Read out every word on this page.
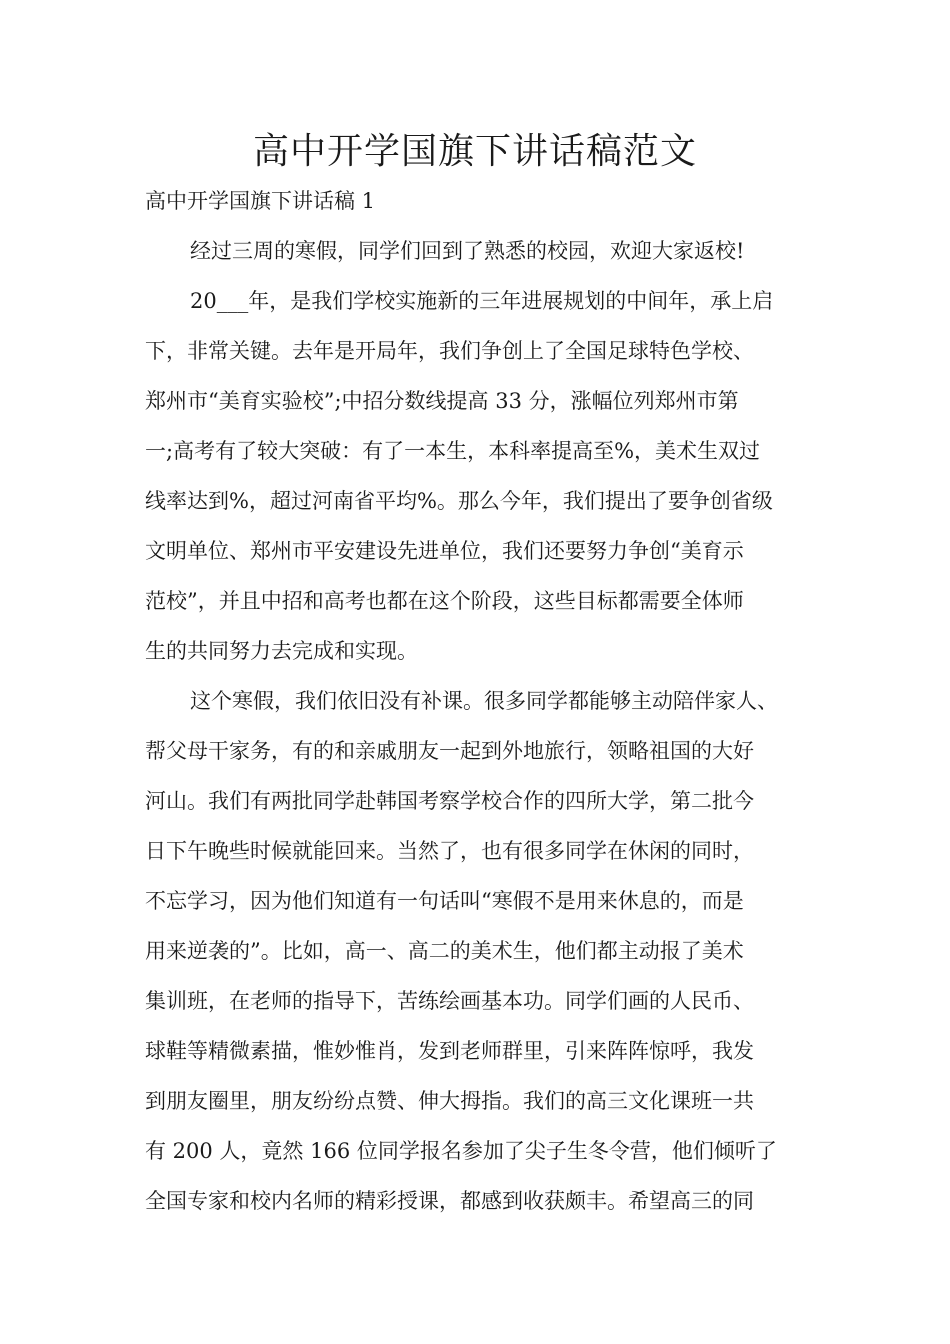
高中开学国旗下讲话稿范文

高中开学国旗下讲话稿 1

经过三周的寒假，同学们回到了熟悉的校园，欢迎大家返校!

20___年，是我们学校实施新的三年进展规划的中间年，承上启

下，非常关键。去年是开局年，我们争创上了全国足球特色学校、

郑州市“美育实验校”;中招分数线提高 33 分，涨幅位列郑州市第

一;高考有了较大突破：有了一本生，本科率提高至%，美术生双过

线率达到%，超过河南省平均%。那么今年，我们提出了要争创省级

文明单位、郑州市平安建设先进单位，我们还要努力争创“美育示

范校”，并且中招和高考也都在这个阶段，这些目标都需要全体师

生的共同努力去完成和实现。

这个寒假，我们依旧没有补课。很多同学都能够主动陪伴家人、

帮父母干家务，有的和亲戚朋友一起到外地旅行，领略祖国的大好

河山。我们有两批同学赴韩国考察学校合作的四所大学，第二批今

日下午晚些时候就能回来。当然了，也有很多同学在休闲的同时，

不忘学习，因为他们知道有一句话叫“寒假不是用来休息的，而是

用来逆袭的”。比如，高一、高二的美术生，他们都主动报了美术

集训班，在老师的指导下，苦练绘画基本功。同学们画的人民币、

球鞋等精微素描，惟妙惟肖，发到老师群里，引来阵阵惊呼，我发

到朋友圈里，朋友纷纷点赞、伸大拇指。我们的高三文化课班一共

有 200 人，竟然 166 位同学报名参加了尖子生冬令营，他们倾听了

全国专家和校内名师的精彩授课，都感到收获颇丰。希望高三的同
